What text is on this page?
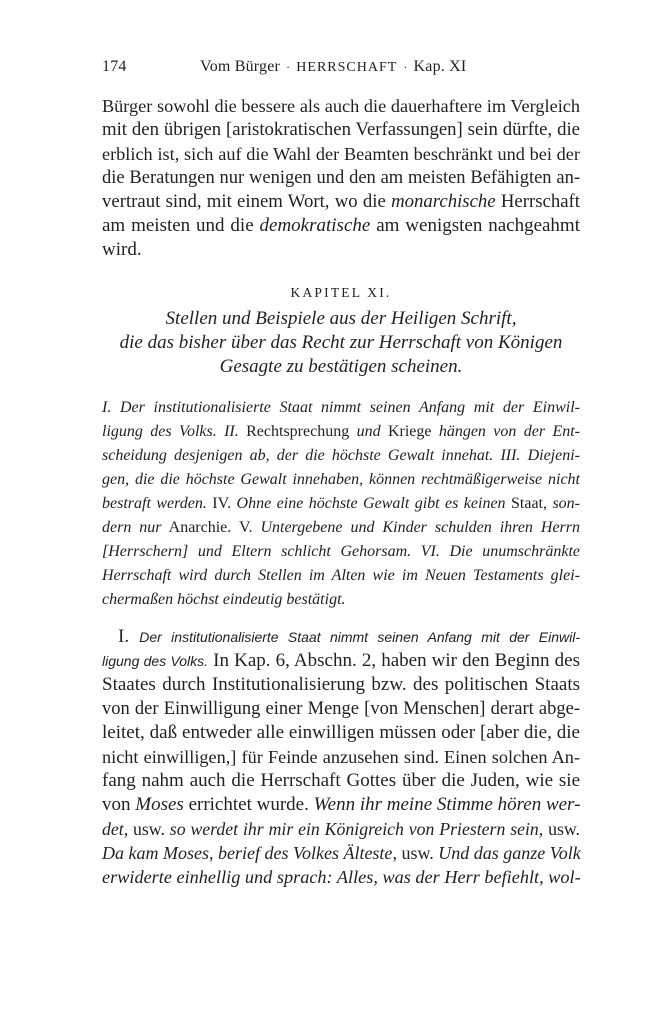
174	Vom Bürger · HERRSCHAFT · Kap. XI
Bürger sowohl die bessere als auch die dauerhaftere im Vergleich
mit den übrigen [aristokratischen Verfassungen] sein dürfte, die
erblich ist, sich auf die Wahl der Beamten beschränkt und bei der
die Beratungen nur wenigen und den am meisten Befähigten an-
vertraut sind, mit einem Wort, wo die monarchische Herrschaft
am meisten und die demokratische am wenigsten nachgeahmt
wird.
KAPITEL XI.
Stellen und Beispiele aus der Heiligen Schrift,
die das bisher über das Recht zur Herrschaft von Königen
Gesagte zu bestätigen scheinen.
I. Der institutionalisierte Staat nimmt seinen Anfang mit der Einwil-
ligung des Volks. II. Rechtsprechung und Kriege hängen von der Ent-
scheidung desjenigen ab, der die höchste Gewalt innehat. III. Diejeni-
gen, die die höchste Gewalt innehaben, können rechtmäßigerweise nicht
bestraft werden. IV. Ohne eine höchste Gewalt gibt es keinen Staat, son-
dern nur Anarchie. V. Untergebene und Kinder schulden ihren Herrn
[Herrschern] und Eltern schlicht Gehorsam. VI. Die unumschränkte
Herrschaft wird durch Stellen im Alten wie im Neuen Testaments glei-
chermaßen höchst eindeutig bestätigt.
I. Der institutionalisierte Staat nimmt seinen Anfang mit der Einwil-
ligung des Volks. In Kap. 6, Abschn. 2, haben wir den Beginn des
Staates durch Institutionalisierung bzw. des politischen Staats
von der Einwilligung einer Menge [von Menschen] derart abge-
leitet, daß entweder alle einwilligen müssen oder [aber die, die
nicht einwilligen,] für Feinde anzusehen sind. Einen solchen An-
fang nahm auch die Herrschaft Gottes über die Juden, wie sie
von Moses errichtet wurde. Wenn ihr meine Stimme hören wer-
det, usw. so werdet ihr mir ein Königreich von Priestern sein, usw.
Da kam Moses, berief des Volkes Älteste, usw. Und das ganze Volk
erwiderte einhellig und sprach: Alles, was der Herr befiehlt, wol-
